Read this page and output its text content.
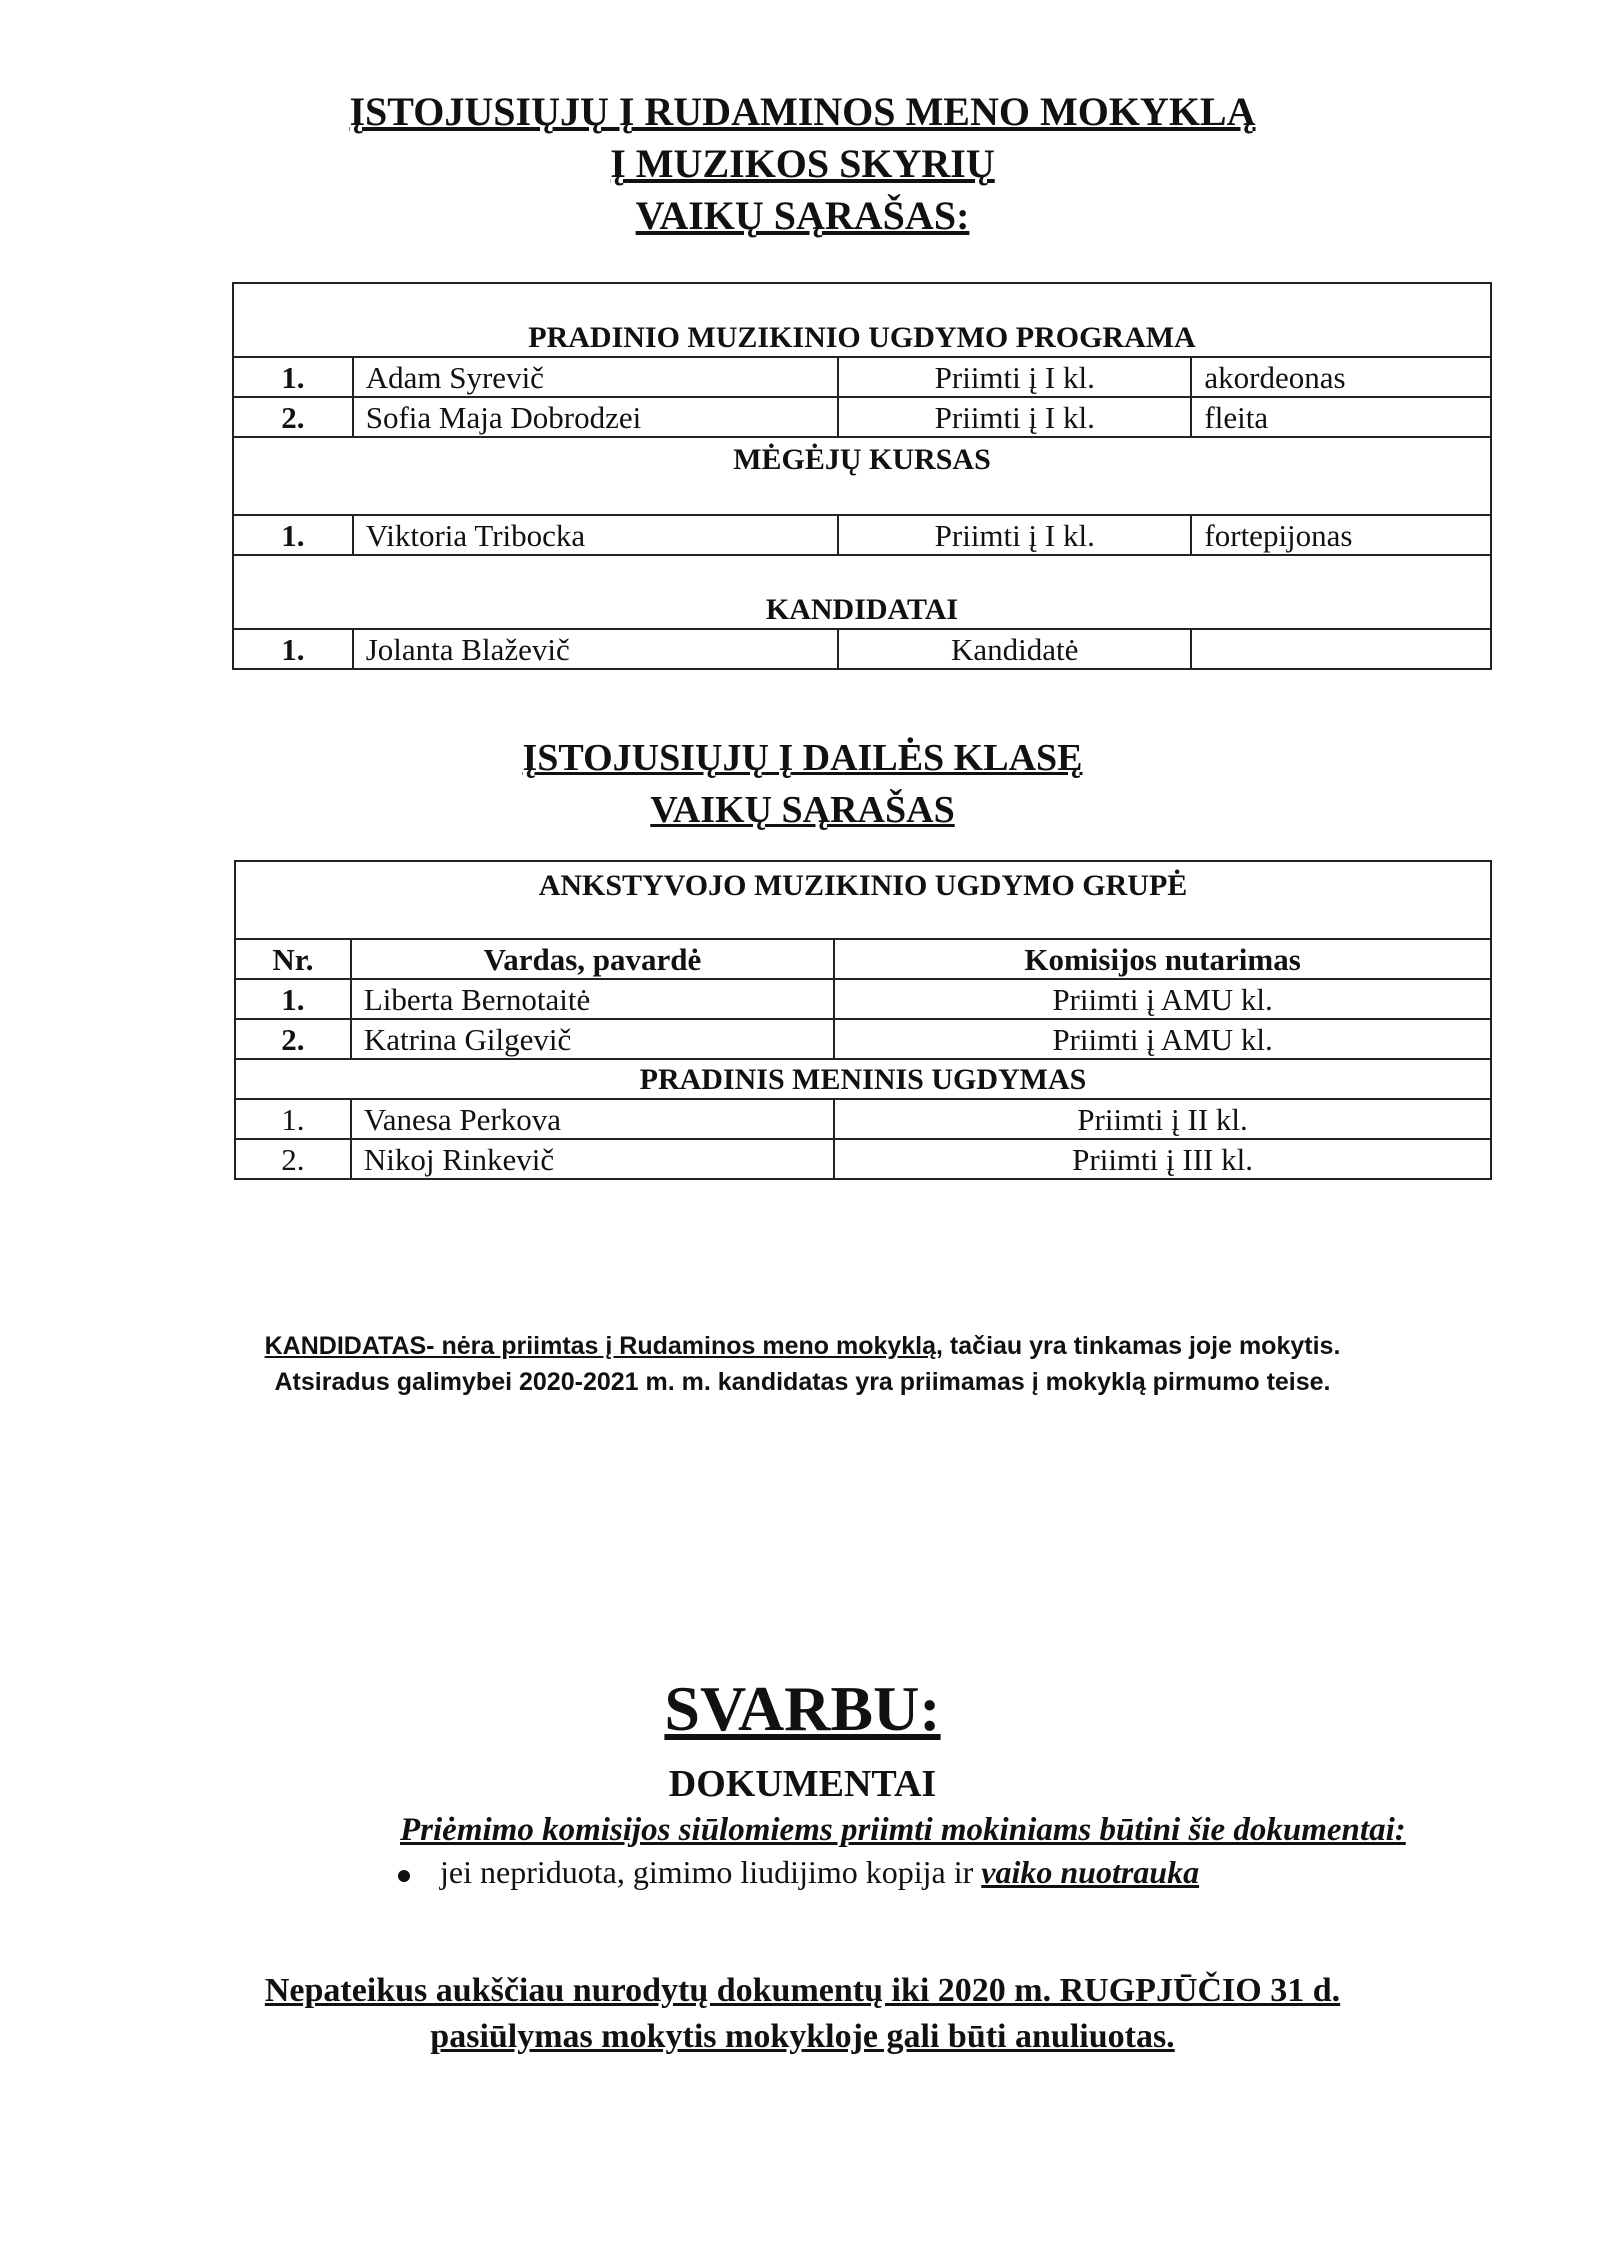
ĮSTOJUSIŲJŲ Į RUDAMINOS MENO MOKYKLĄ
Į MUZIKOS SKYRIŲ
VAIKŲ SĄRAŠAS:
PRADINIO MUZIKINIO UGDYMO PROGRAMA			
1.	Adam Syrevič	Priimti į I kl.	akordeonas
2.	Sofia Maja Dobrodzei	Priimti į I kl.	fleita
MĖGĖJŲ KURSAS			
1.	Viktoria Tribocka	Priimti į I kl.	fortepijonas
KANDIDATAI			
1.	Jolanta Blaževič	Kandidatė	
ĮSTOJUSIŲJŲ Į DAILĖS KLASĘ
VAIKŲ SĄRAŠAS
ANKSTYVOJO MUZIKINIO UGDYMO GRUPĖ		
Nr.	Vardas, pavardė	Komisijos nutarimas
1.	Liberta Bernotaitė	Priimti į AMU kl.
2.	Katrina Gilgevič	Priimti į AMU kl.
PRADINIS MENINIS UGDYMAS		
1.	Vanesa Perkova	Priimti į II kl.
2.	Nikoj Rinkevič	Priimti į III kl.
KANDIDATAS- nėra priimtas į Rudaminos meno mokyklą, tačiau yra tinkamas joje mokytis.
Atsiradus galimybei 2020-2021 m. m. kandidatas yra priimamas į mokyklą pirmumo teise.
SVARBU:
DOKUMENTAI
Priėmimo komisijos siūlomiems priimti mokiniams būtini šie dokumentai:
jei nepriduota, gimimo liudijimo kopija ir vaiko nuotrauka
Nepateikus aukščiau nurodytų dokumentų iki 2020 m. RUGPJŪČIO 31 d.
pasiūlymas mokytis mokykloje gali būti anuliuotas.
